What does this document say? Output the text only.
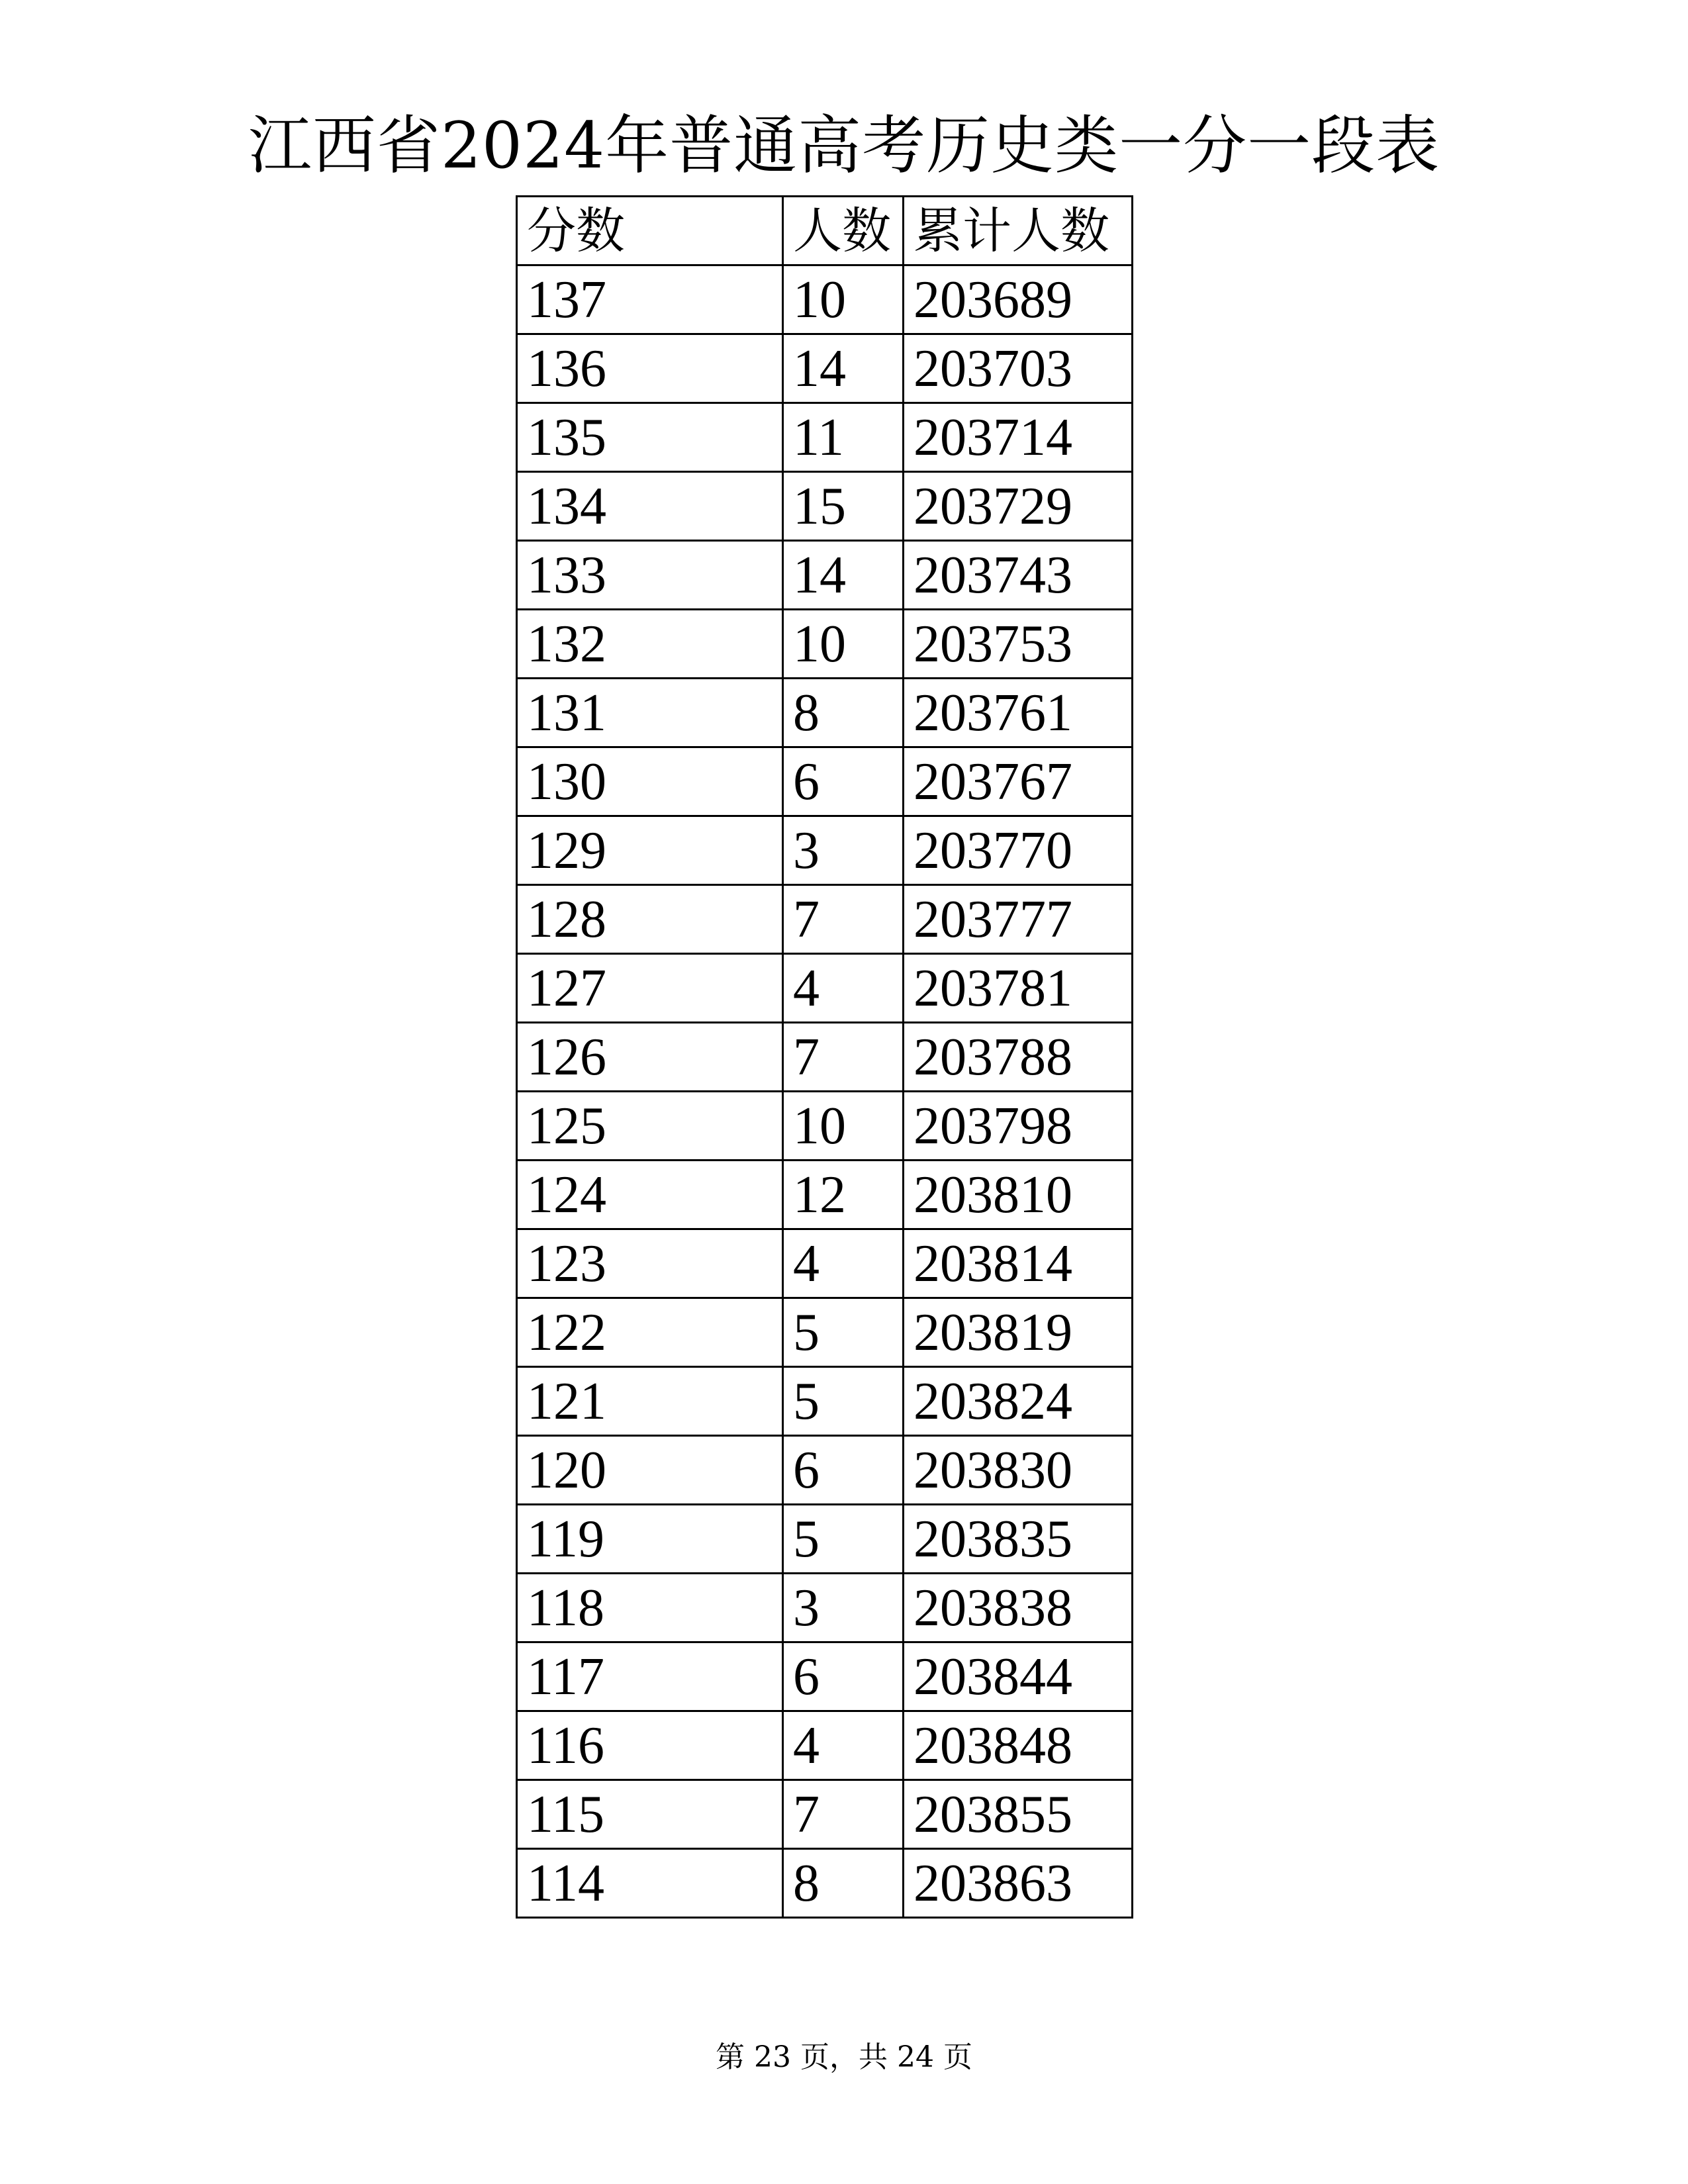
江西省2024年普通高考历史类一分一段表
分数	人数	累计人数
137	10	203689
136	14	203703
135	11	203714
134	15	203729
133	14	203743
132	10	203753
131	8	203761
130	6	203767
129	3	203770
128	7	203777
127	4	203781
126	7	203788
125	10	203798
124	12	203810
123	4	203814
122	5	203819
121	5	203824
120	6	203830
119	5	203835
118	3	203838
117	6	203844
116	4	203848
115	7	203855
114	8	203863
第 23 页，共 24 页
